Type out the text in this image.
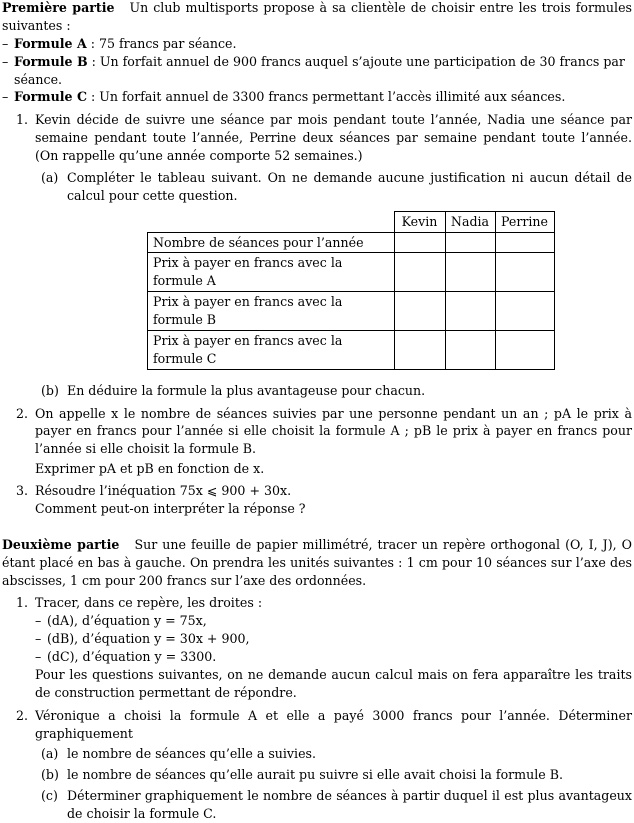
Première partie Un club multisports propose à sa clientèle de choisir entre les trois formules suivantes :

– Formule A : 75 francs par séance.
– Formule B : Un forfait annuel de 900 francs auquel s’ajoute une participation de 30 francs par séance.
– Formule C : Un forfait annuel de 3300 francs permettant l’accès illimité aux séances.
1. Kevin décide de suivre une séance par mois pendant toute l’année, Nadia une séance par semaine pendant toute l’année, Perrine deux séances par semaine pendant toute l’année. (On rappelle qu’une année comporte 52 semaines.)

(a) Compléter le tableau suivant. On ne demande aucune justification ni aucun détail de calcul pour cette question.

	Kevin	Nadia	Perrine
Nombre de séances pour l’année			
Prix à payer en francs avec la formule A			
Prix à payer en francs avec la formule B			
Prix à payer en francs avec la formule C			
(b) En déduire la formule la plus avantageuse pour chacun.

2. On appelle x le nombre de séances suivies par une personne pendant un an ; pA le prix à payer en francs pour l’année si elle choisit la formule A ; pB le prix à payer en francs pour l’année si elle choisit la formule B.

Exprimer pA et pB en fonction de x.

3. Résoudre l’inéquation 75x ⩽ 900 + 30x.

Comment peut-on interpréter la réponse ?

Deuxième partie Sur une feuille de papier millimétré, tracer un repère orthogonal (O, I, J), O étant placé en bas à gauche. On prendra les unités suivantes : 1 cm pour 10 séances sur l’axe des abscisses, 1 cm pour 200 francs sur l’axe des ordonnées.

1. Tracer, dans ce repère, les droites :

– (dA), d’équation y = 75x,
– (dB), d’équation y = 30x + 900,
– (dC), d’équation y = 3300.

Pour les questions suivantes, on ne demande aucun calcul mais on fera apparaître les traits de construction permettant de répondre.

2. Véronique a choisi la formule A et elle a payé 3000 francs pour l’année. Déterminer graphiquement

(a) le nombre de séances qu’elle a suivies.

(b) le nombre de séances qu’elle aurait pu suivre si elle avait choisi la formule B.

(c) Déterminer graphiquement le nombre de séances à partir duquel il est plus avantageux de choisir la formule C.
